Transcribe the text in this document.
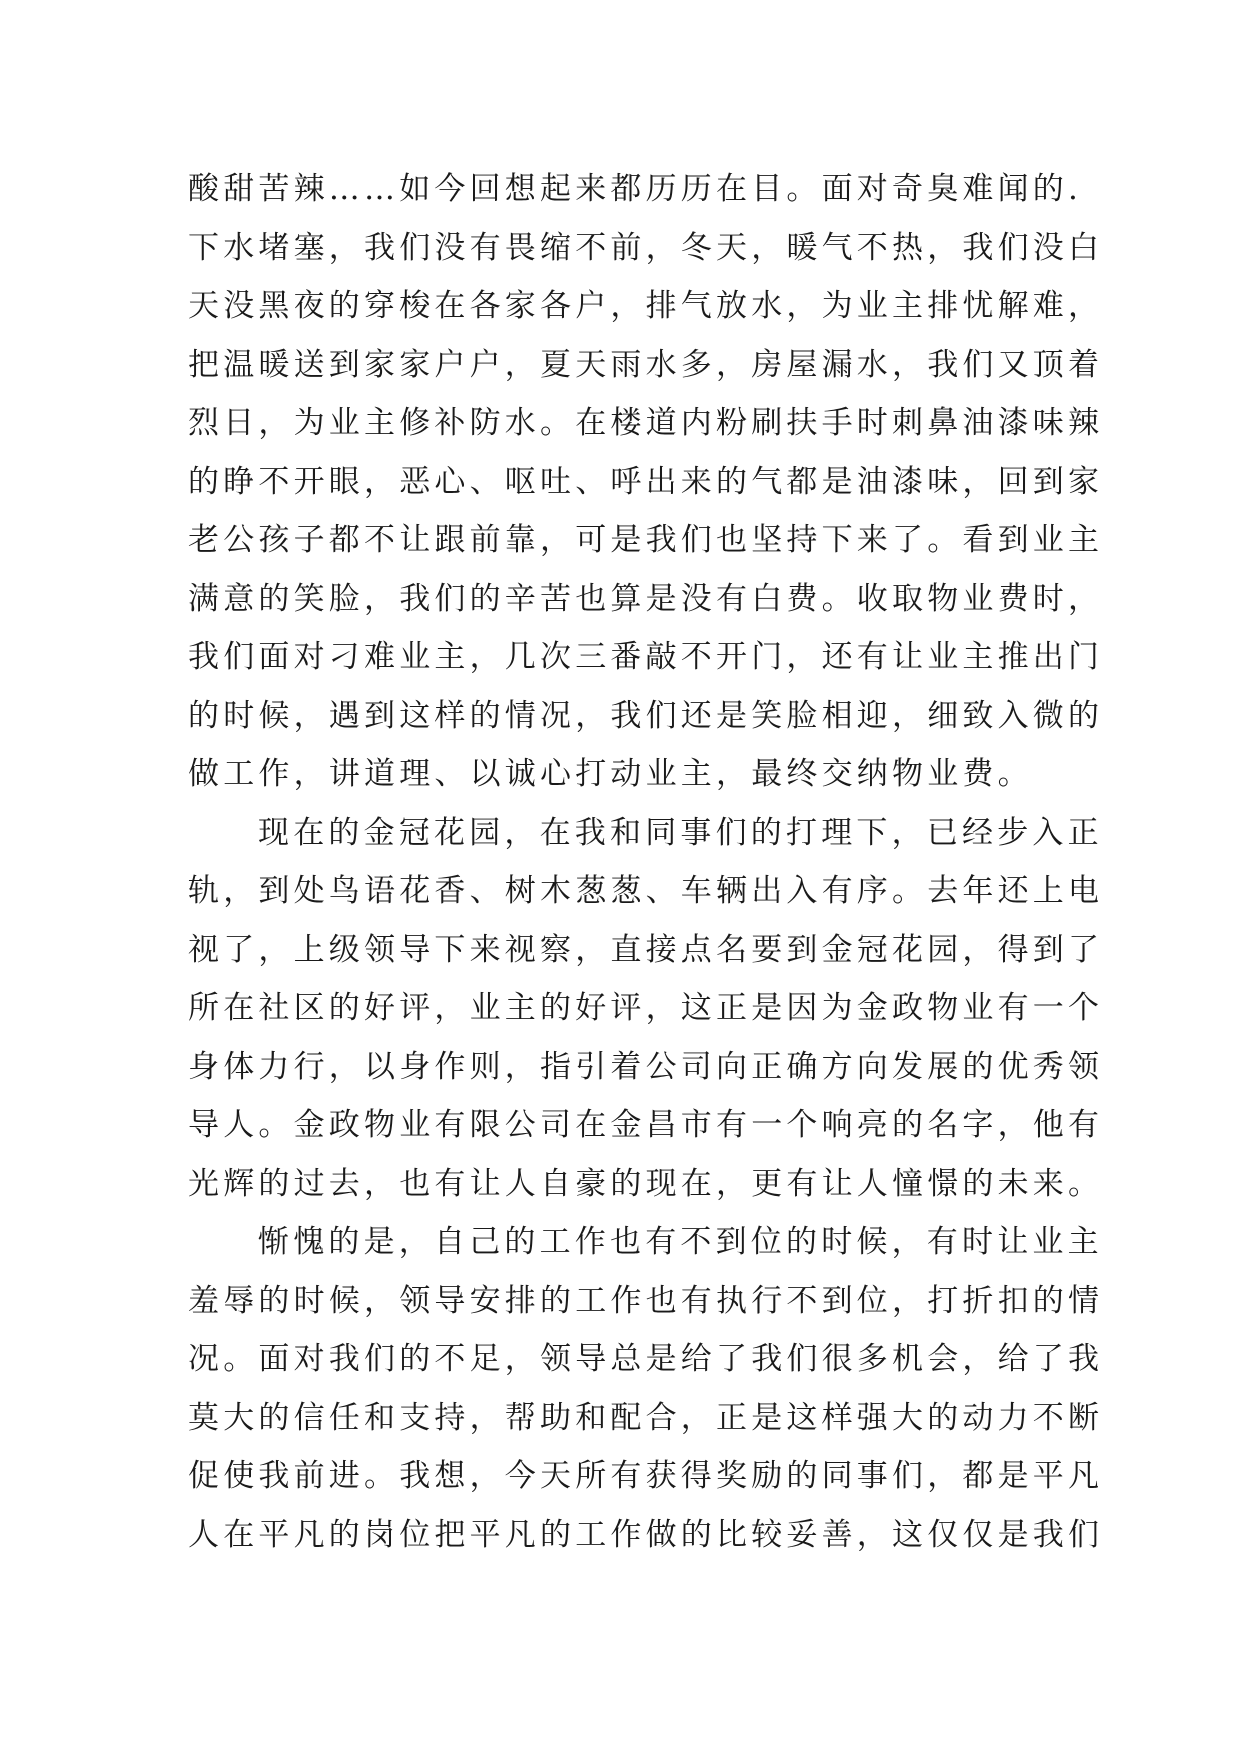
酸甜苦辣……如今回想起来都历历在目。面对奇臭难闻的.
下水堵塞，我们没有畏缩不前，冬天，暖气不热，我们没白
天没黑夜的穿梭在各家各户，排气放水，为业主排忧解难，
把温暖送到家家户户，夏天雨水多，房屋漏水，我们又顶着
烈日，为业主修补防水。在楼道内粉刷扶手时刺鼻油漆味辣
的睁不开眼，恶心、呕吐、呼出来的气都是油漆味，回到家
老公孩子都不让跟前靠，可是我们也坚持下来了。看到业主
满意的笑脸，我们的辛苦也算是没有白费。收取物业费时，
我们面对刁难业主，几次三番敲不开门，还有让业主推出门
的时候，遇到这样的情况，我们还是笑脸相迎，细致入微的
做工作，讲道理、以诚心打动业主，最终交纳物业费。
现在的金冠花园，在我和同事们的打理下，已经步入正
轨，到处鸟语花香、树木葱葱、车辆出入有序。去年还上电
视了，上级领导下来视察，直接点名要到金冠花园，得到了
所在社区的好评，业主的好评，这正是因为金政物业有一个
身体力行，以身作则，指引着公司向正确方向发展的优秀领
导人。金政物业有限公司在金昌市有一个响亮的名字，他有
光辉的过去，也有让人自豪的现在，更有让人憧憬的未来。
惭愧的是，自己的工作也有不到位的时候，有时让业主
羞辱的时候，领导安排的工作也有执行不到位，打折扣的情
况。面对我们的不足，领导总是给了我们很多机会，给了我
莫大的信任和支持，帮助和配合，正是这样强大的动力不断
促使我前进。我想，今天所有获得奖励的同事们，都是平凡
人在平凡的岗位把平凡的工作做的比较妥善，这仅仅是我们
